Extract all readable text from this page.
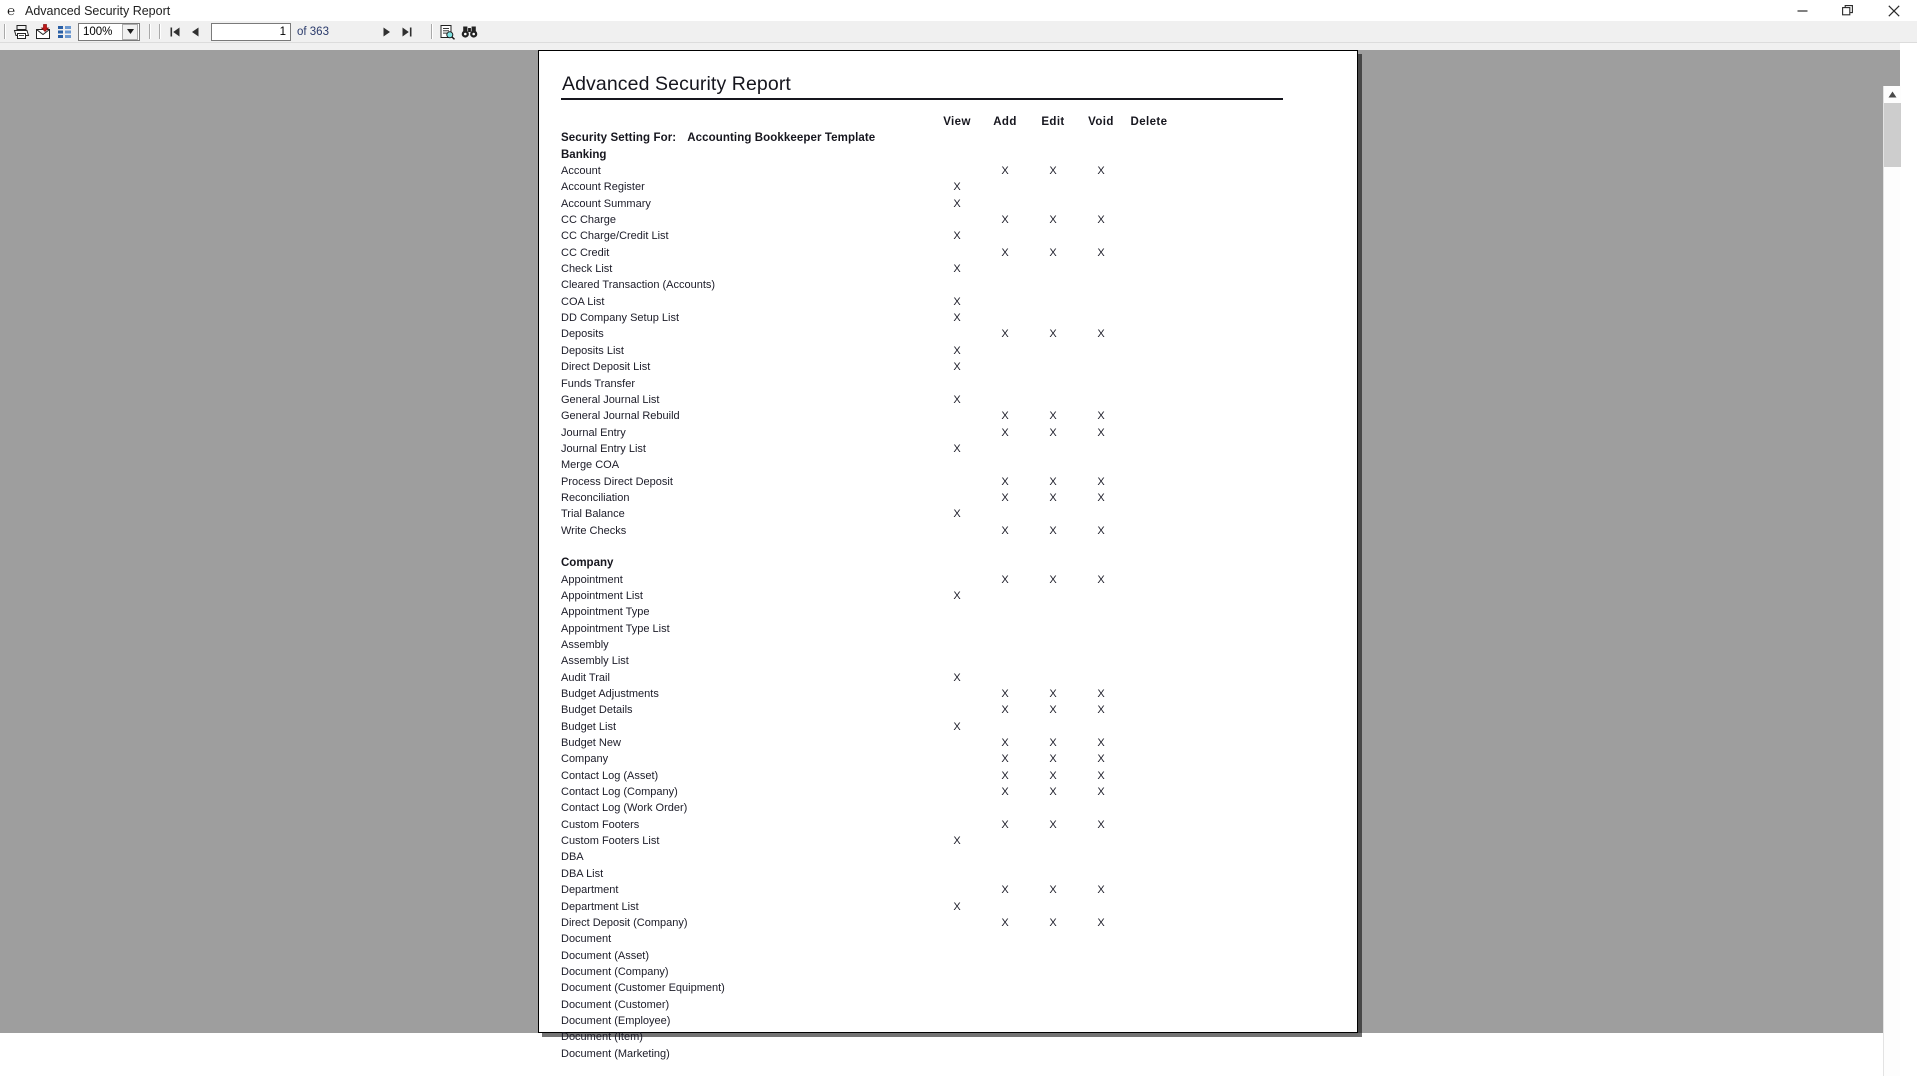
℮ Advanced Security Report
100%
1	of 363
Advanced Security Report
	View	Add	Edit	Void	Delete	
Security Setting For: Accounting Bookkeeper Template						
Banking						
Account		X	X	X		
Account Register	X					
Account Summary	X					
CC Charge		X	X	X		
CC Charge/Credit List	X					
CC Credit		X	X	X		
Check List	X					
Cleared Transaction (Accounts)						
COA List	X					
DD Company Setup List	X					
Deposits		X	X	X		
Deposits List	X					
Direct Deposit List	X					
Funds Transfer						
General Journal List	X					
General Journal Rebuild		X	X	X		
Journal Entry		X	X	X		
Journal Entry List	X					
Merge COA						
Process Direct Deposit		X	X	X		
Reconciliation		X	X	X		
Trial Balance	X					
Write Checks		X	X	X		

Company						
Appointment		X	X	X		
Appointment List	X					
Appointment Type						
Appointment Type List						
Assembly						
Assembly List						
Audit Trail	X					
Budget Adjustments		X	X	X		
Budget Details		X	X	X		
Budget List	X					
Budget New		X	X	X		
Company		X	X	X		
Contact Log (Asset)		X	X	X		
Contact Log (Company)		X	X	X		
Contact Log (Work Order)						
Custom Footers		X	X	X		
Custom Footers List	X					
DBA						
DBA List						
Department		X	X	X		
Department List	X					
Direct Deposit (Company)		X	X	X		
Document						
Document (Asset)						
Document (Company)						
Document (Customer Equipment)						
Document (Customer)						
Document (Employee)						
Document (Item)						
Document (Marketing)						
